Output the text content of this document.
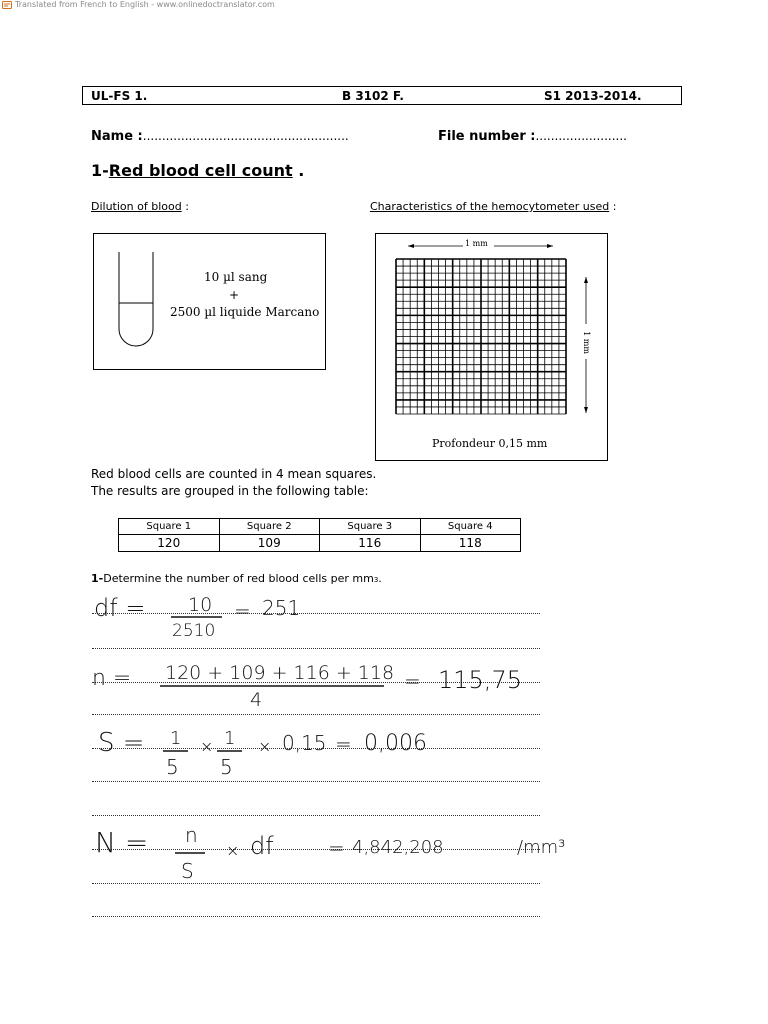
Translated from French to English - www.onlinedoctranslator.com
UL-FS 1.	B 3102 F.	S1 2013-2014.
Name :......................................................	File number :........................
1-Red blood cell count .
Dilution of blood :	Characteristics of the hemocytometer used :
10 µl sang
+
2500 µl liquide Marcano
1 mm
1 mm
Profondeur 0,15 mm
Red blood cells are counted in 4 mean squares.
The results are grouped in the following table:
Square 1	Square 2	Square 3	Square 4
120	109	116	118
1-Determine the number of red blood cells per mm3.
df = 10
2510
= 251
n = 120 + 109 + 116 + 118
4
= 115,75
S = 1
5
× 1
5
× 0,15 = 0,006
N = n
S
× df	= 4,842,208	/mm³
